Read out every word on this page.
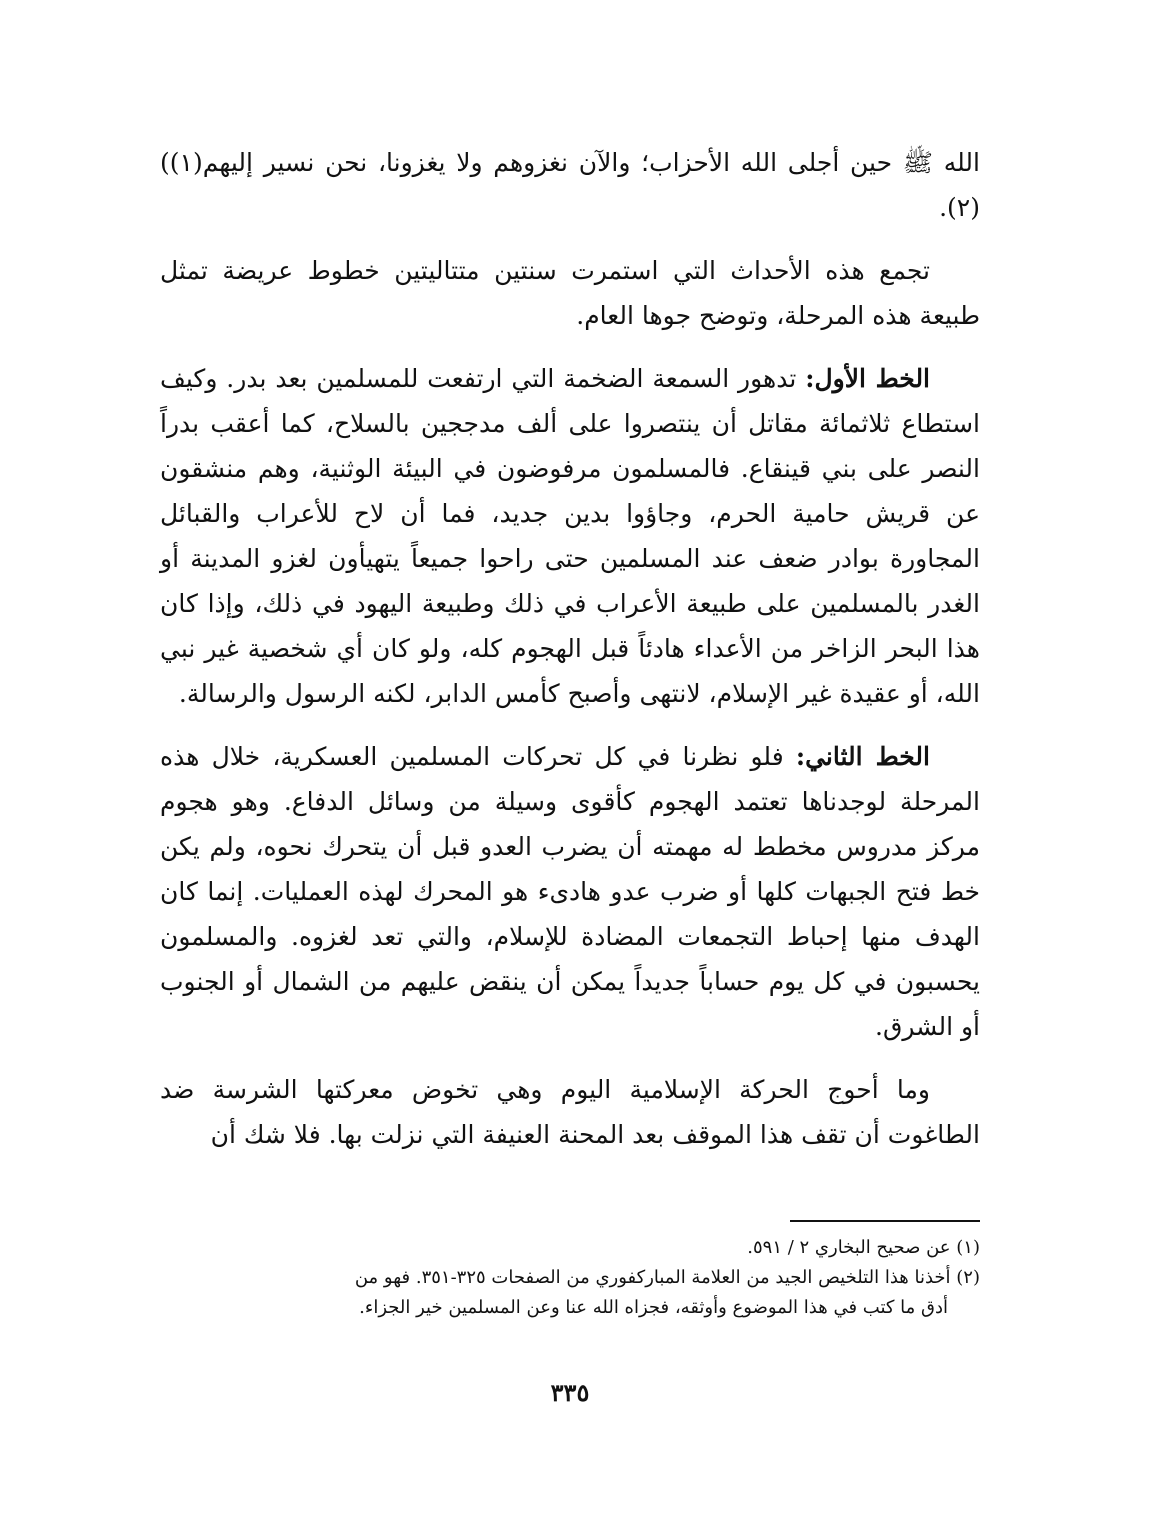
الله ﷺ حين أجلى الله الأحزاب؛ والآن نغزوهم ولا يغزونا، نحن نسير إليهم(١))(٢).

تجمع هذه الأحداث التي استمرت سنتين متتاليتين خطوط عريضة تمثل طبيعة هذه المرحلة، وتوضح جوها العام.

الخط الأول: تدهور السمعة الضخمة التي ارتفعت للمسلمين بعد بدر. وكيف استطاع ثلاثمائة مقاتل أن ينتصروا على ألف مدججين بالسلاح، كما أعقب بدراً النصر على بني قينقاع. فالمسلمون مرفوضون في البيئة الوثنية، وهم منشقون عن قريش حامية الحرم، وجاؤوا بدين جديد، فما أن لاح للأعراب والقبائل المجاورة بوادر ضعف عند المسلمين حتى راحوا جميعاً يتهيأون لغزو المدينة أو الغدر بالمسلمين على طبيعة الأعراب في ذلك وطبيعة اليهود في ذلك، وإذا كان هذا البحر الزاخر من الأعداء هادئاً قبل الهجوم كله، ولو كان أي شخصية غير نبي الله، أو عقيدة غير الإسلام، لانتهى وأصبح كأمس الدابر، لكنه الرسول والرسالة.

الخط الثاني: فلو نظرنا في كل تحركات المسلمين العسكرية، خلال هذه المرحلة لوجدناها تعتمد الهجوم كأقوى وسيلة من وسائل الدفاع. وهو هجوم مركز مدروس مخطط له مهمته أن يضرب العدو قبل أن يتحرك نحوه، ولم يكن خط فتح الجبهات كلها أو ضرب عدو هادىء هو المحرك لهذه العمليات. إنما كان الهدف منها إحباط التجمعات المضادة للإسلام، والتي تعد لغزوه. والمسلمون يحسبون في كل يوم حساباً جديداً يمكن أن ينقض عليهم من الشمال أو الجنوب أو الشرق.

وما أحوج الحركة الإسلامية اليوم وهي تخوض معركتها الشرسة ضد الطاغوت أن تقف هذا الموقف بعد المحنة العنيفة التي نزلت بها. فلا شك أن

(١) عن صحيح البخاري ٢ / ٥٩١.

(٢) أخذنا هذا التلخيص الجيد من العلامة المباركفوري من الصفحات ٣٢٥-٣٥١. فهو من

أدق ما كتب في هذا الموضوع وأوثقه، فجزاه الله عنا وعن المسلمين خير الجزاء.

٣٣٥
